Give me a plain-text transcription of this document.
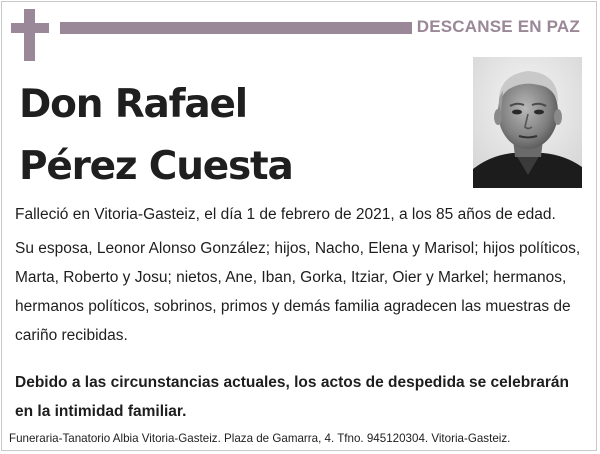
DESCANSE EN PAZ
Don Rafael
Pérez Cuesta
Falleció en Vitoria-Gasteiz, el día 1 de febrero de 2021, a los 85 años de edad.
Su esposa, Leonor Alonso González; hijos, Nacho, Elena y Marisol; hijos políticos,
Marta, Roberto y Josu; nietos, Ane, Iban, Gorka, Itziar, Oier y Markel; hermanos,
hermanos políticos, sobrinos, primos y demás familia agradecen las muestras de
cariño recibidas.
Debido a las circunstancias actuales, los actos de despedida se celebrarán
en la intimidad familiar.
Funeraria-Tanatorio Albia Vitoria-Gasteiz. Plaza de Gamarra, 4. Tfno. 945120304. Vitoria-Gasteiz.
